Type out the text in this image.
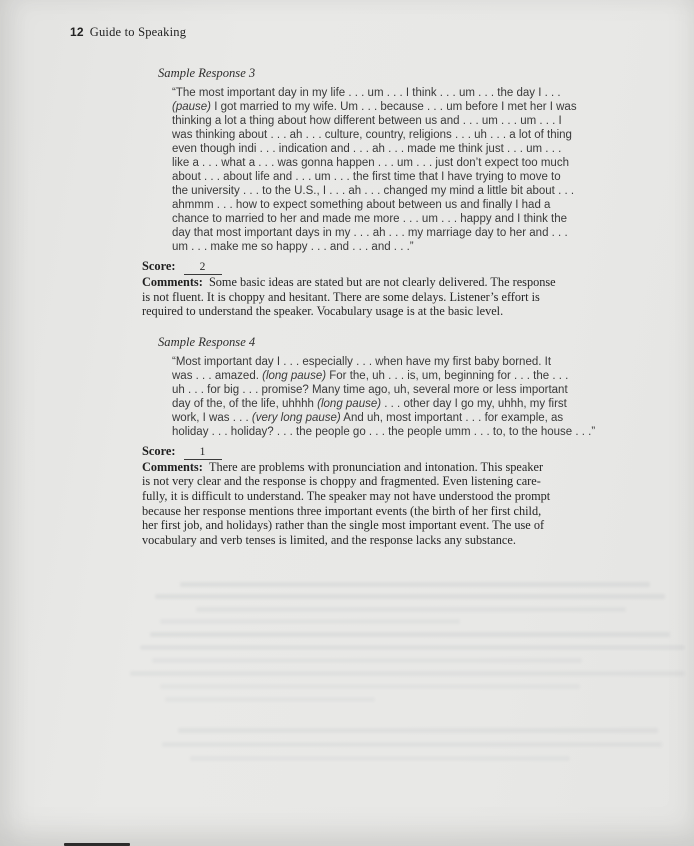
12 Guide to Speaking
Sample Response 3
“The most important day in my life . . . um . . . I think . . . um . . . the day I . . .
(pause) I got married to my wife. Um . . . because . . . um before I met her I was
thinking a lot a thing about how different between us and . . . um . . . um . . . I
was thinking about . . . ah . . . culture, country, religions . . . uh . . . a lot of thing
even though indi . . . indication and . . . ah . . . made me think just . . . um . . .
like a . . . what a . . . was gonna happen . . . um . . . just don’t expect too much
about . . . about life and . . . um . . . the first time that I have trying to move to
the university . . . to the U.S., I . . . ah . . . changed my mind a little bit about . . .
ahmmm . . . how to expect something about between us and finally I had a
chance to married to her and made me more . . . um . . . happy and I think the
day that most important days in my . . . ah . . . my marriage day to her and . . .
um . . . make me so happy . . . and . . . and . . .”
Score: 2
Comments: Some basic ideas are stated but are not clearly delivered. The response
is not fluent. It is choppy and hesitant. There are some delays. Listener’s effort is
required to understand the speaker. Vocabulary usage is at the basic level.
Sample Response 4
“Most important day I . . . especially . . . when have my first baby borned. It
was . . . amazed. (long pause) For the, uh . . . is, um, beginning for . . . the . . .
uh . . . for big . . . promise? Many time ago, uh, several more or less important
day of the, of the life, uhhhh (long pause) . . . other day I go my, uhhh, my first
work, I was . . . (very long pause) And uh, most important . . . for example, as
holiday . . . holiday? . . . the people go . . . the people umm . . . to, to the house . . .”
Score: 1
Comments: There are problems with pronunciation and intonation. This speaker
is not very clear and the response is choppy and fragmented. Even listening care-
fully, it is difficult to understand. The speaker may not have understood the prompt
because her response mentions three important events (the birth of her first child,
her first job, and holidays) rather than the single most important event. The use of
vocabulary and verb tenses is limited, and the response lacks any substance.
